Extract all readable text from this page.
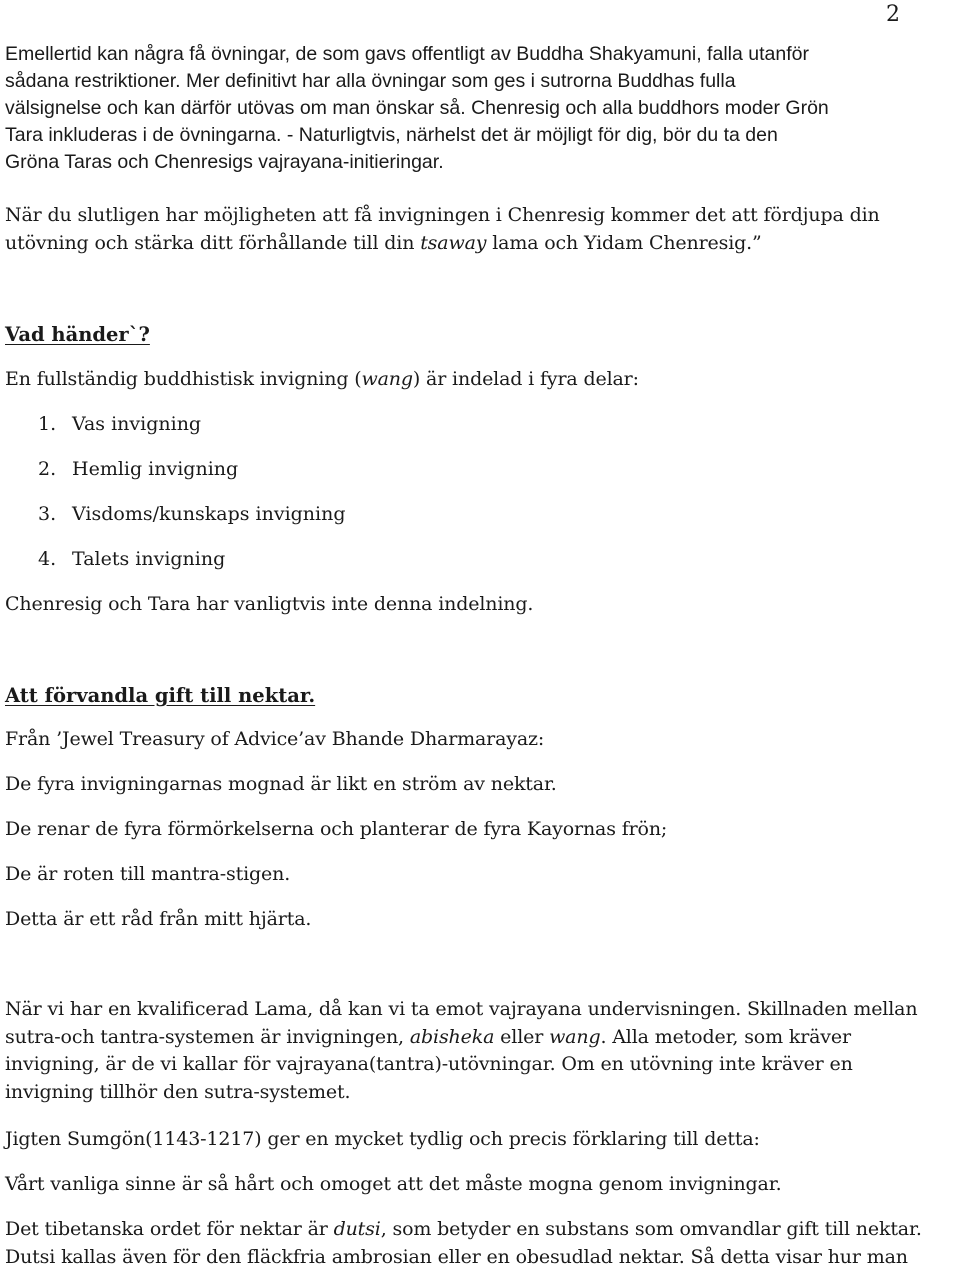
2
Emellertid kan några få övningar, de som gavs offentligt av Buddha Shakyamuni, falla utanför
sådana restriktioner. Mer definitivt har alla övningar som ges i sutrorna Buddhas fulla
välsignelse och kan därför utövas om man önskar så. Chenresig och alla buddhors moder Grön
Tara inkluderas i de övningarna. - Naturligtvis, närhelst det är möjligt för dig, bör du ta den
Gröna Taras och Chenresigs vajrayana-initieringar.
När du slutligen har möjligheten att få invigningen i Chenresig kommer det att fördjupa din
utövning och stärka ditt förhållande till din tsaway lama och Yidam Chenresig.”
Vad händer`?
En fullständig buddhistisk invigning (wang) är indelad i fyra delar:
1. Vas invigning
2. Hemlig invigning
3. Visdoms/kunskaps invigning
4. Talets invigning
Chenresig och Tara har vanligtvis inte denna indelning.
Att förvandla gift till nektar.
Från ’Jewel Treasury of Advice’av Bhande Dharmarayaz:
De fyra invigningarnas mognad är likt en ström av nektar.
De renar de fyra förmörkelserna och planterar de fyra Kayornas frön;
De är roten till mantra-stigen.
Detta är ett råd från mitt hjärta.
När vi har en kvalificerad Lama, då kan vi ta emot vajrayana undervisningen. Skillnaden mellan
sutra-och tantra-systemen är invigningen, abisheka eller wang. Alla metoder, som kräver
invigning, är de vi kallar för vajrayana(tantra)-utövningar. Om en utövning inte kräver en
invigning tillhör den sutra-systemet.
Jigten Sumgön(1143-1217) ger en mycket tydlig och precis förklaring till detta:
Vårt vanliga sinne är så hårt och omoget att det måste mogna genom invigningar.
Det tibetanska ordet för nektar är dutsi, som betyder en substans som omvandlar gift till nektar.
Dutsi kallas även för den fläckfria ambrosian eller en obesudlad nektar. Så detta visar hur man
